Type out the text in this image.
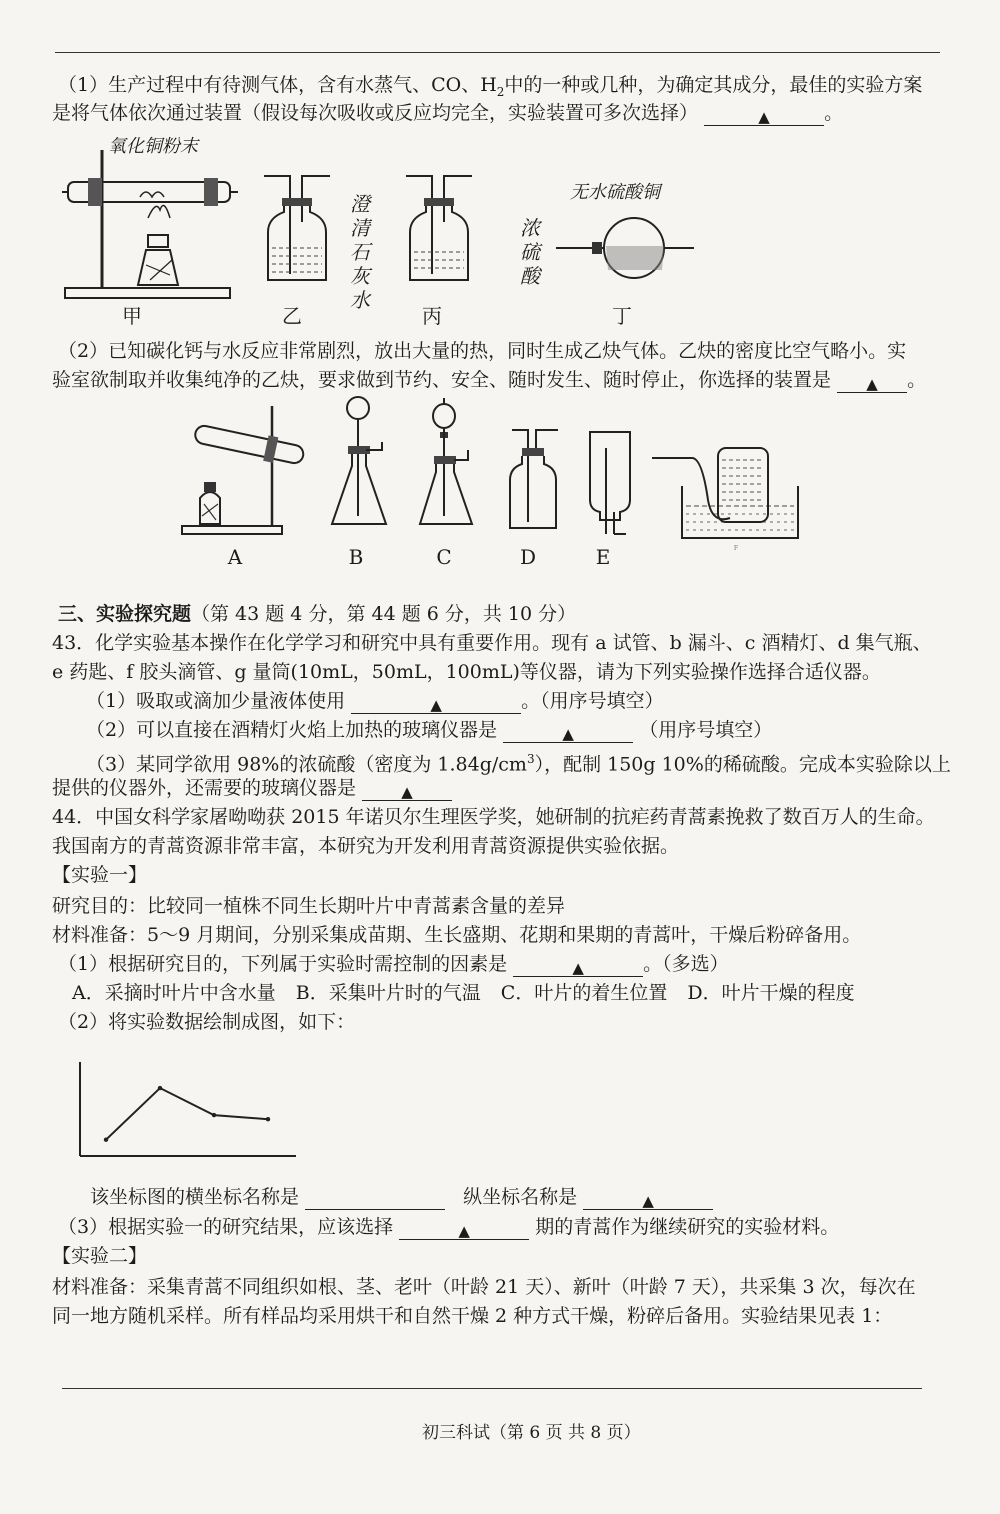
（1）生产过程中有待测气体，含有水蒸气、CO、$H_2$中的一种或几种，为确定其成分，最佳的实验方案
是将气体依次通过装置（假设每次吸收或反应均完全，实验装置可多次选择）	▲	。
氧化铜粉末
甲
澄清石灰水
乙
浓硫酸
丙
无水硫酸铜
丁
（2）已知碳化钙与水反应非常剧烈，放出大量的热，同时生成乙炔气体。乙炔的密度比空气略小。实
验室欲制取并收集纯净的乙炔，要求做到节约、安全、随时发生、随时停止，你选择的装置是 ▲ 。
A	B	C	D	E	F
三、实验探究题（第 43 题 4 分，第 44 题 6 分，共 10 分）
43．化学实验基本操作在化学学习和研究中具有重要作用。现有 a 试管、b 漏斗、c 酒精灯、d 集气瓶、
e 药匙、f 胶头滴管、g 量筒(10mL，50mL，100mL)等仪器，请为下列实验操作选择合适仪器。
（1）吸取或滴加少量液体使用	▲	。（用序号填空）
（2）可以直接在酒精灯火焰上加热的玻璃仪器是	▲	（用序号填空）
（3）某同学欲用 98%的浓硫酸（密度为 $1.84g/cm^3$），配制 150g 10%的稀硫酸。完成本实验除以上
提供的仪器外，还需要的玻璃仪器是	▲
44．中国女科学家屠呦呦获 2015 年诺贝尔生理医学奖，她研制的抗疟药青蒿素挽救了数百万人的生命。
我国南方的青蒿资源非常丰富，本研究为开发利用青蒿资源提供实验依据。
【实验一】
研究目的：比较同一植株不同生长期叶片中青蒿素含量的差异
材料准备：5～9 月期间，分别采集成苗期、生长盛期、花期和果期的青蒿叶，干燥后粉碎备用。
（1）根据研究目的，下列属于实验时需控制的因素是	▲	。（多选）
A．采摘时叶片中含水量 B．采集叶片时的气温 C．叶片的着生位置 D．叶片干燥的程度
（2）将实验数据绘制成图，如下：
该坐标图的横坐标名称是	纵坐标名称是	▲
（3）根据实验一的研究结果，应该选择	▲	期的青蒿作为继续研究的实验材料。
【实验二】
材料准备：采集青蒿不同组织如根、茎、老叶（叶龄 21 天）、新叶（叶龄 7 天），共采集 3 次，每次在
同一地方随机采样。所有样品均采用烘干和自然干燥 2 种方式干燥，粉碎后备用。实验结果见表 1：
初三科试（第 6 页 共 8 页）
